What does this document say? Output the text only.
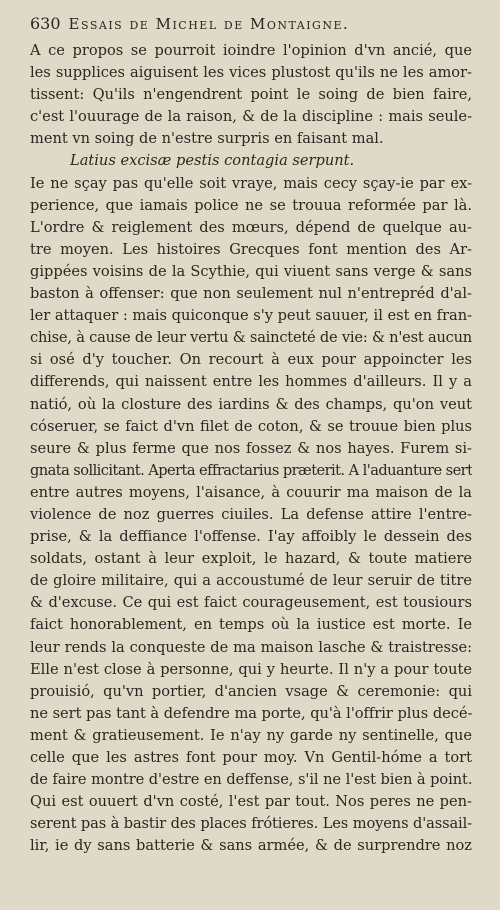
630 Essais de Michel de Montaigne.
A ce propos se pourroit ioindre l'opinion d'vn ancié, que
les supplices aiguisent les vices plustost qu'ils ne les amor-
tissent: Qu'ils n'engendrent point le soing de bien faire,
c'est l'ouurage de la raison, & de la discipline : mais seule-
ment vn soing de n'estre surpris en faisant mal.
Latius excisæ pestis contagia serpunt.
Ie ne sçay pas qu'elle soit vraye, mais cecy sçay-ie par ex-
perience, que iamais police ne se trouua reformée par là.
L'ordre & reiglement des mœurs, dépend de quelque au-
tre moyen. Les histoires Grecques font mention des Ar-
gippées voisins de la Scythie, qui viuent sans verge & sans
baston à offenser: que non seulement nul n'entrepréd d'al-
ler attaquer : mais quiconque s'y peut sauuer, il est en fran-
chise, à cause de leur vertu & saincteté de vie: & n'est aucun
si osé d'y toucher. On recourt à eux pour appoincter les
differends, qui naissent entre les hommes d'ailleurs. Il y a
natió, où la closture des iardins & des champs, qu'on veut
cóseruer, se faict d'vn filet de coton, & se trouue bien plus
seure & plus ferme que nos fossez & nos hayes. Furem si-
gnata sollicitant. Aperta effractarius præterit. A l'aduanture sert
entre autres moyens, l'aisance, à couurir ma maison de la
violence de noz guerres ciuiles. La defense attire l'entre-
prise, & la deffiance l'offense. I'ay affoibly le dessein des
soldats, ostant à leur exploit, le hazard, & toute matiere
de gloire militaire, qui a accoustumé de leur seruir de titre
& d'excuse. Ce qui est faict courageusement, est tousiours
faict honorablement, en temps où la iustice est morte. Ie
leur rends la conqueste de ma maison lasche & traistresse:
Elle n'est close à personne, qui y heurte. Il n'y a pour toute
prouisió, qu'vn portier, d'ancien vsage & ceremonie: qui
ne sert pas tant à defendre ma porte, qu'à l'offrir plus decé-
ment & gratieusement. Ie n'ay ny garde ny sentinelle, que
celle que les astres font pour moy. Vn Gentil-hóme a tort
de faire montre d'estre en deffense, s'il ne l'est bien à point.
Qui est ouuert d'vn costé, l'est par tout. Nos peres ne pen-
serent pas à bastir des places frótieres. Les moyens d'assail-
lir, ie dy sans batterie & sans armée, & de surprendre noz
